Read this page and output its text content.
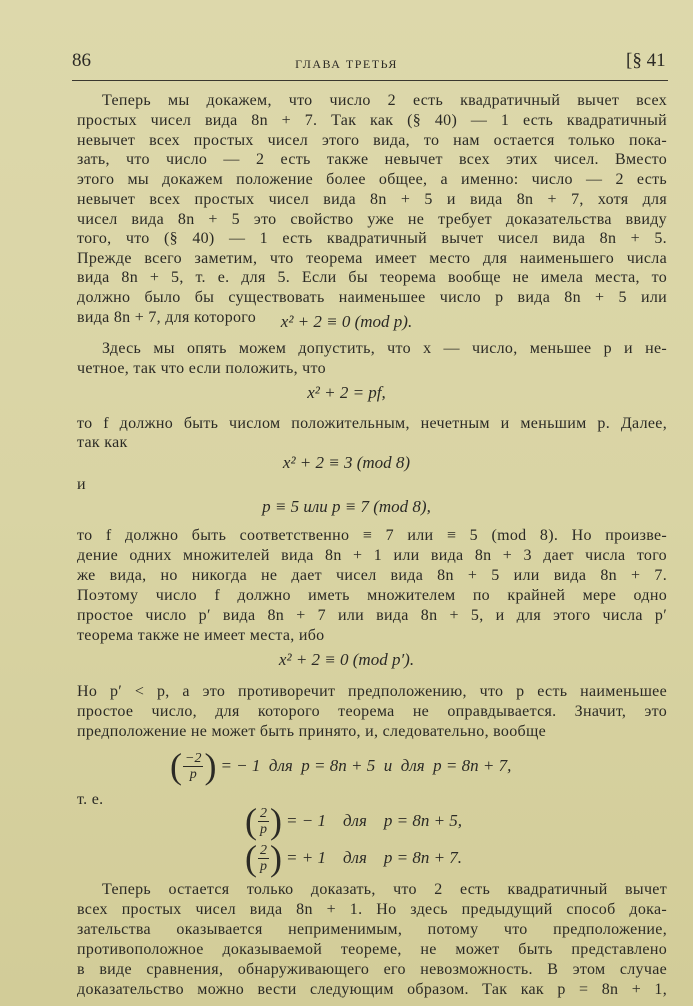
86	ГЛАВА ТРЕТЬЯ	[§ 41
Теперь мы докажем, что число 2 есть квадратичный вычет всех
простых чисел вида 8n + 7. Так как (§ 40) — 1 есть квадратичный
невычет всех простых чисел этого вида, то нам остается только пока-
зать, что число — 2 есть также невычет всех этих чисел. Вместо
этого мы докажем положение более общее, а именно: число — 2 есть
невычет всех простых чисел вида 8n + 5 и вида 8n + 7, хотя для
чисел вида 8n + 5 это свойство уже не требует доказательства ввиду
того, что (§ 40) — 1 есть квадратичный вычет чисел вида 8n + 5.
Прежде всего заметим, что теорема имеет место для наименьшего числа
вида 8n + 5, т. е. для 5. Если бы теорема вообще не имела места, то
должно было бы существовать наименьшее число p вида 8n + 5 или
вида 8n + 7, для которого	x² + 2 ≡ 0 (mod p).
Здесь мы опять можем допустить, что x — число, меньшее p и не-
четное, так что если положить, что
x² + 2 = pf,
то f должно быть числом положительным, нечетным и меньшим p. Далее,
так как
x² + 2 ≡ 3 (mod 8)
и
p ≡ 5 или p ≡ 7 (mod 8),
то f должно быть соответственно ≡ 7 или ≡ 5 (mod 8). Но произве-
дение одних множителей вида 8n + 1 или вида 8n + 3 дает числа того
же вида, но никогда не дает чисел вида 8n + 5 или вида 8n + 7.
Поэтому число f должно иметь множителем по крайней мере одно
простое число p′ вида 8n + 7 или вида 8n + 5, и для этого числа p′
теорема также не имеет места, ибо
x² + 2 ≡ 0 (mod p′).
Но p′ < p, а это противоречит предположению, что p есть наименьшее
простое число, для которого теорема не оправдывается. Значит, это
предположение не может быть принято, и, следовательно, вообще
( $\frac{-2}{p}$ ) = − 1  для  p = 8n + 5  и  для  p = 8n + 7,
т. е.
( $\frac{2}{p}$ ) = − 1    для    p = 8n + 5,
( $\frac{2}{p}$ ) = + 1    для    p = 8n + 7.
Теперь остается только доказать, что 2 есть квадратичный вычет
всех простых чисел вида 8n + 1. Но здесь предыдущий способ дока-
зательства оказывается неприменимым, потому что предположение,
противоположное доказываемой теореме, не может быть представлено
в виде сравнения, обнаруживающего его невозможность. В этом случае
доказательство можно вести следующим образом. Так как p = 8n + 1,
